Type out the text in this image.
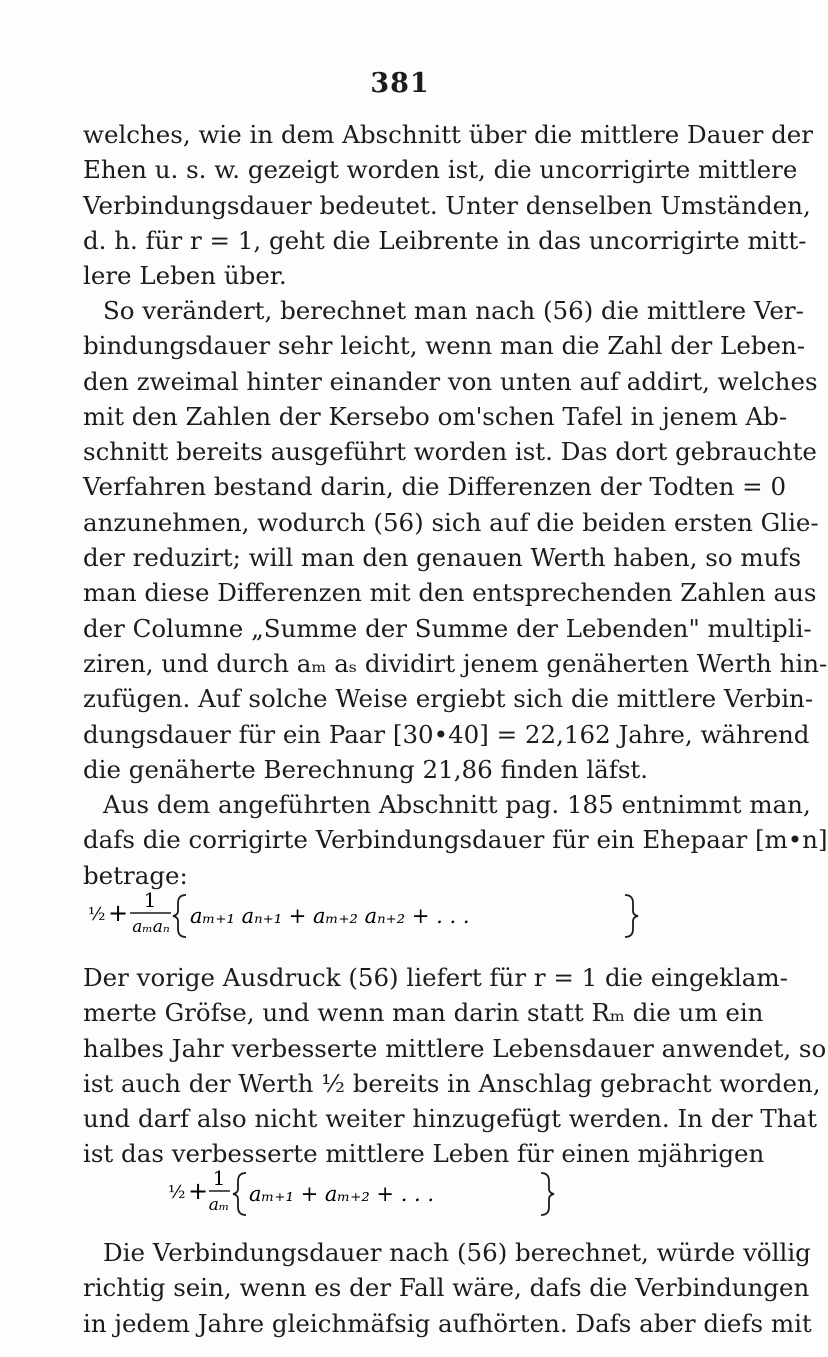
381
welches, wie in dem Abschnitt über die mittlere Dauer der
Ehen u. s. w. gezeigt worden ist, die uncorrigirte mittlere
Verbindungsdauer bedeutet. Unter denselben Umständen,
d. h. für r = 1, geht die Leibrente in das uncorrigirte mitt-
lere Leben über.
So verändert, berechnet man nach (56) die mittlere Ver-
bindungsdauer sehr leicht, wenn man die Zahl der Leben-
den zweimal hinter einander von unten auf addirt, welches
mit den Zahlen der Kersebo om'schen Tafel in jenem Ab-
schnitt bereits ausgeführt worden ist. Das dort gebrauchte
Verfahren bestand darin, die Differenzen der Todten = 0
anzunehmen, wodurch (56) sich auf die beiden ersten Glie-
der reduzirt; will man den genauen Werth haben, so mufs
man diese Differenzen mit den entsprechenden Zahlen aus
der Columne „Summe der Summe der Lebenden" multipli-
ziren, und durch aₘ aₛ dividirt jenem genäherten Werth hin-
zufügen. Auf solche Weise ergiebt sich die mittlere Verbin-
dungsdauer für ein Paar [30•40] = 22,162 Jahre, während
die genäherte Berechnung 21,86 finden läfst.
Aus dem angeführten Abschnitt pag. 185 entnimmt man,
dafs die corrigirte Verbindungsdauer für ein Ehepaar [m•n]
betrage:
½ + 1
aₘaₙ aₘ₊₁ aₙ₊₁ + aₘ₊₂ aₙ₊₂ + . . .
Der vorige Ausdruck (56) liefert für r = 1 die eingeklam-
merte Gröfse, und wenn man darin statt Rₘ die um ein
halbes Jahr verbesserte mittlere Lebensdauer anwendet, so
ist auch der Werth ½ bereits in Anschlag gebracht worden,
und darf also nicht weiter hinzugefügt werden. In der That
ist das verbesserte mittlere Leben für einen mjährigen
½ + 1
aₘ aₘ₊₁ + aₘ₊₂ + . . .
Die Verbindungsdauer nach (56) berechnet, würde völlig
richtig sein, wenn es der Fall wäre, dafs die Verbindungen
in jedem Jahre gleichmäfsig aufhörten. Dafs aber diefs mit
